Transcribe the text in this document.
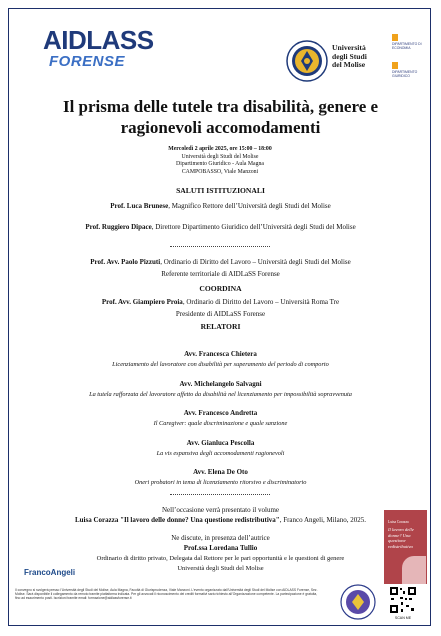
AIDLASS
FORENSE
Università
degli Studi
del Molise
DIPARTIMENTO DI ECONOMIA
DIPARTIMENTO GIURIDICO
Il prisma delle tutele tra disabilità, genere e ragionevoli accomodamenti
Mercoledì 2 aprile 2025, ore 15:00 – 18:00
Università degli Studi del Molise
Dipartimento Giuridico - Aula Magna
CAMPOBASSO, Viale Manzoni
SALUTI ISTITUZIONALI
Prof. Luca Brunese, Magnifico Rettore dell’Università degli Studi del Molise
Prof. Ruggiero Dipace, Direttore Dipartimento Giuridico dell’Università degli Studi del Molise
Prof. Avv. Paolo Pizzuti, Ordinario di Diritto del Lavoro – Università degli Studi del Molise
Referente territoriale di AIDLaSS Forense
COORDINA
Prof. Avv. Giampiero Proia, Ordinario di Diritto del Lavoro – Università Roma Tre
Presidente di AIDLaSS Forense
RELATORI
Avv. Francesca Chietera
Licenziamento del lavoratore con disabilità per superamento del periodo di comporto
Avv. Michelangelo Salvagni
La tutela rafforzata del lavoratore affetto da disabilità nel licenziamento per impossibilità sopravvenuta
Avv. Francesco Andretta
Il Caregiver: quale discriminazione e quale sanzione
Avv. Gianluca Pescolla
La vis espansiva degli accomodamenti ragionevoli
Avv. Elena De Oto
Oneri probatori in tema di licenziamento ritorsivo e discriminatorio
Nell’occasione verrà presentato il volume
Luisa Corazza "Il lavoro delle donne? Una questione redistributiva", Franco Angeli, Milano, 2025.
Ne discute, in presenza dell’autrice
Prof.ssa Loredana Tullio
Ordinario di diritto privato, Delegata dal Rettore per le pari opportunità e le questioni di genere
Università degli Studi del Molise
Luisa Corazza
Il lavoro delle donne? Una questione redistributiva
FrancoAngeli
Il convegno si svolgerà presso l’Università degli Studi del Molise, Aula Magna, Facoltà di Giurisprudenza, Viale Manzoni. L’evento organizzato dall’Università degli Studi del Molise con AIDLASS Forense, Sez. Molise. Sarà disponibile il collegamento da remoto tramite piattaforma indicata. Per gli avvocati il riconoscimento dei crediti formativi sarà richiesto all’Organizzazione competente. La partecipazione è gratuita, fino ad esaurimento posti. Iscrizioni tramite email: formazione@aidlassforense.it
SCAN ME
